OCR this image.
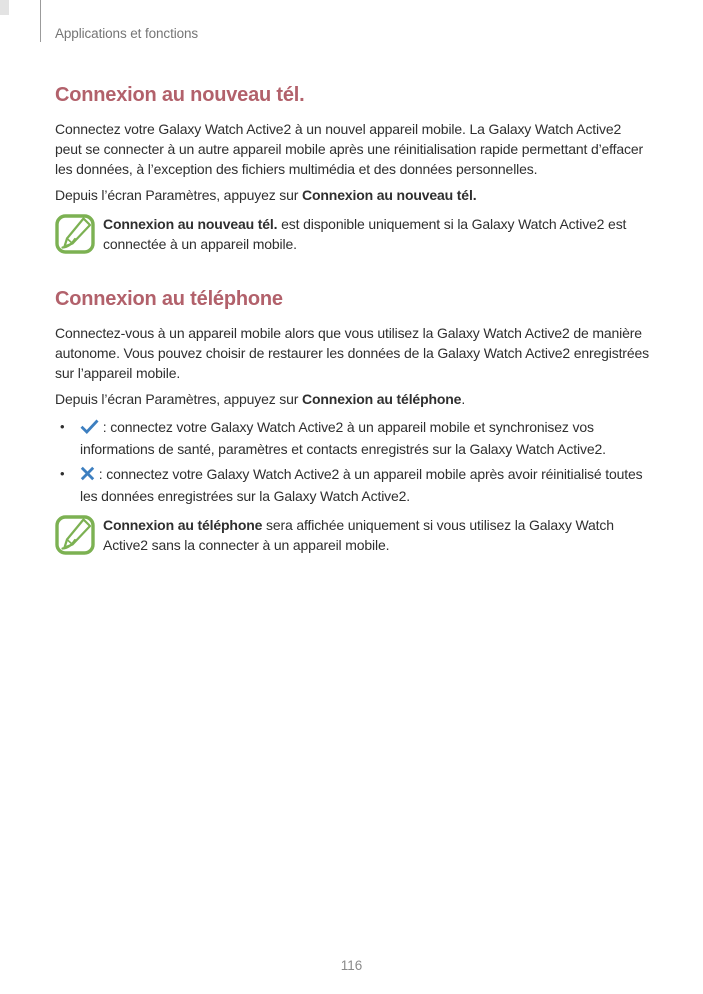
Applications et fonctions
Connexion au nouveau tél.

Connectez votre Galaxy Watch Active2 à un nouvel appareil mobile. La Galaxy Watch Active2 peut se connecter à un autre appareil mobile après une réinitialisation rapide permettant d’effacer les données, à l’exception des fichiers multimédia et des données personnelles.

Depuis l’écran Paramètres, appuyez sur Connexion au nouveau tél.

Connexion au nouveau tél. est disponible uniquement si la Galaxy Watch Active2 est connectée à un appareil mobile.
Connexion au téléphone

Connectez-vous à un appareil mobile alors que vous utilisez la Galaxy Watch Active2 de manière autonome. Vous pouvez choisir de restaurer les données de la Galaxy Watch Active2 enregistrées sur l’appareil mobile.

Depuis l’écran Paramètres, appuyez sur Connexion au téléphone.

• : connectez votre Galaxy Watch Active2 à un appareil mobile et synchronisez vos informations de santé, paramètres et contacts enregistrés sur la Galaxy Watch Active2.
• : connectez votre Galaxy Watch Active2 à un appareil mobile après avoir réinitialisé toutes les données enregistrées sur la Galaxy Watch Active2.
Connexion au téléphone sera affichée uniquement si vous utilisez la Galaxy Watch Active2 sans la connecter à un appareil mobile.
116
